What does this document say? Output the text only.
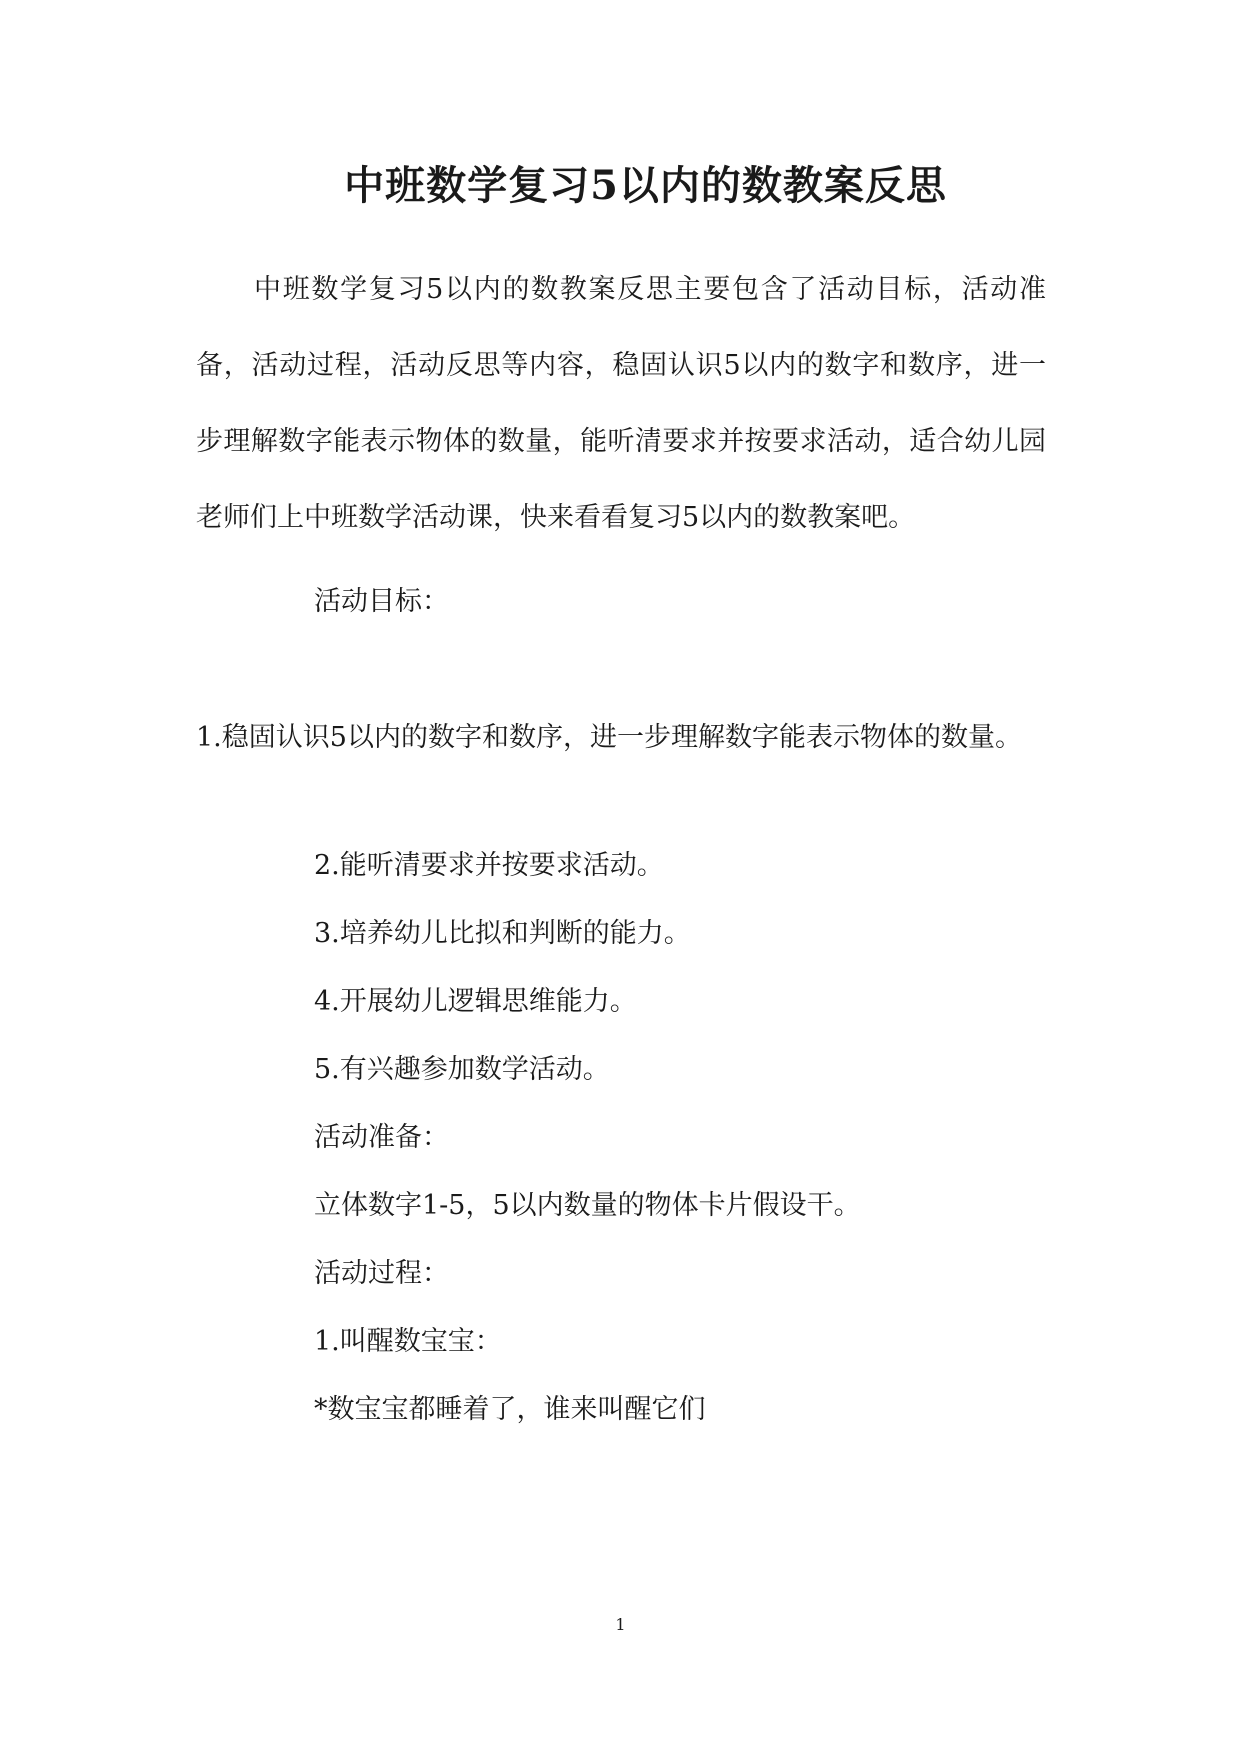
中班数学复习5以内的数教案反思

中班数学复习5以内的数教案反思主要包含了活动目标，活动准备，活动过程，活动反思等内容，稳固认识5以内的数字和数序，进一步理解数字能表示物体的数量，能听清要求并按要求活动，适合幼儿园老师们上中班数学活动课，快来看看复习5以内的数教案吧。

活动目标：

1.稳固认识5以内的数字和数序，进一步理解数字能表示物体的数量。

2.能听清要求并按要求活动。

3.培养幼儿比拟和判断的能力。

4.开展幼儿逻辑思维能力。

5.有兴趣参加数学活动。

活动准备：

立体数字1-5，5以内数量的物体卡片假设干。

活动过程：

1.叫醒数宝宝：

*数宝宝都睡着了，谁来叫醒它们

1
